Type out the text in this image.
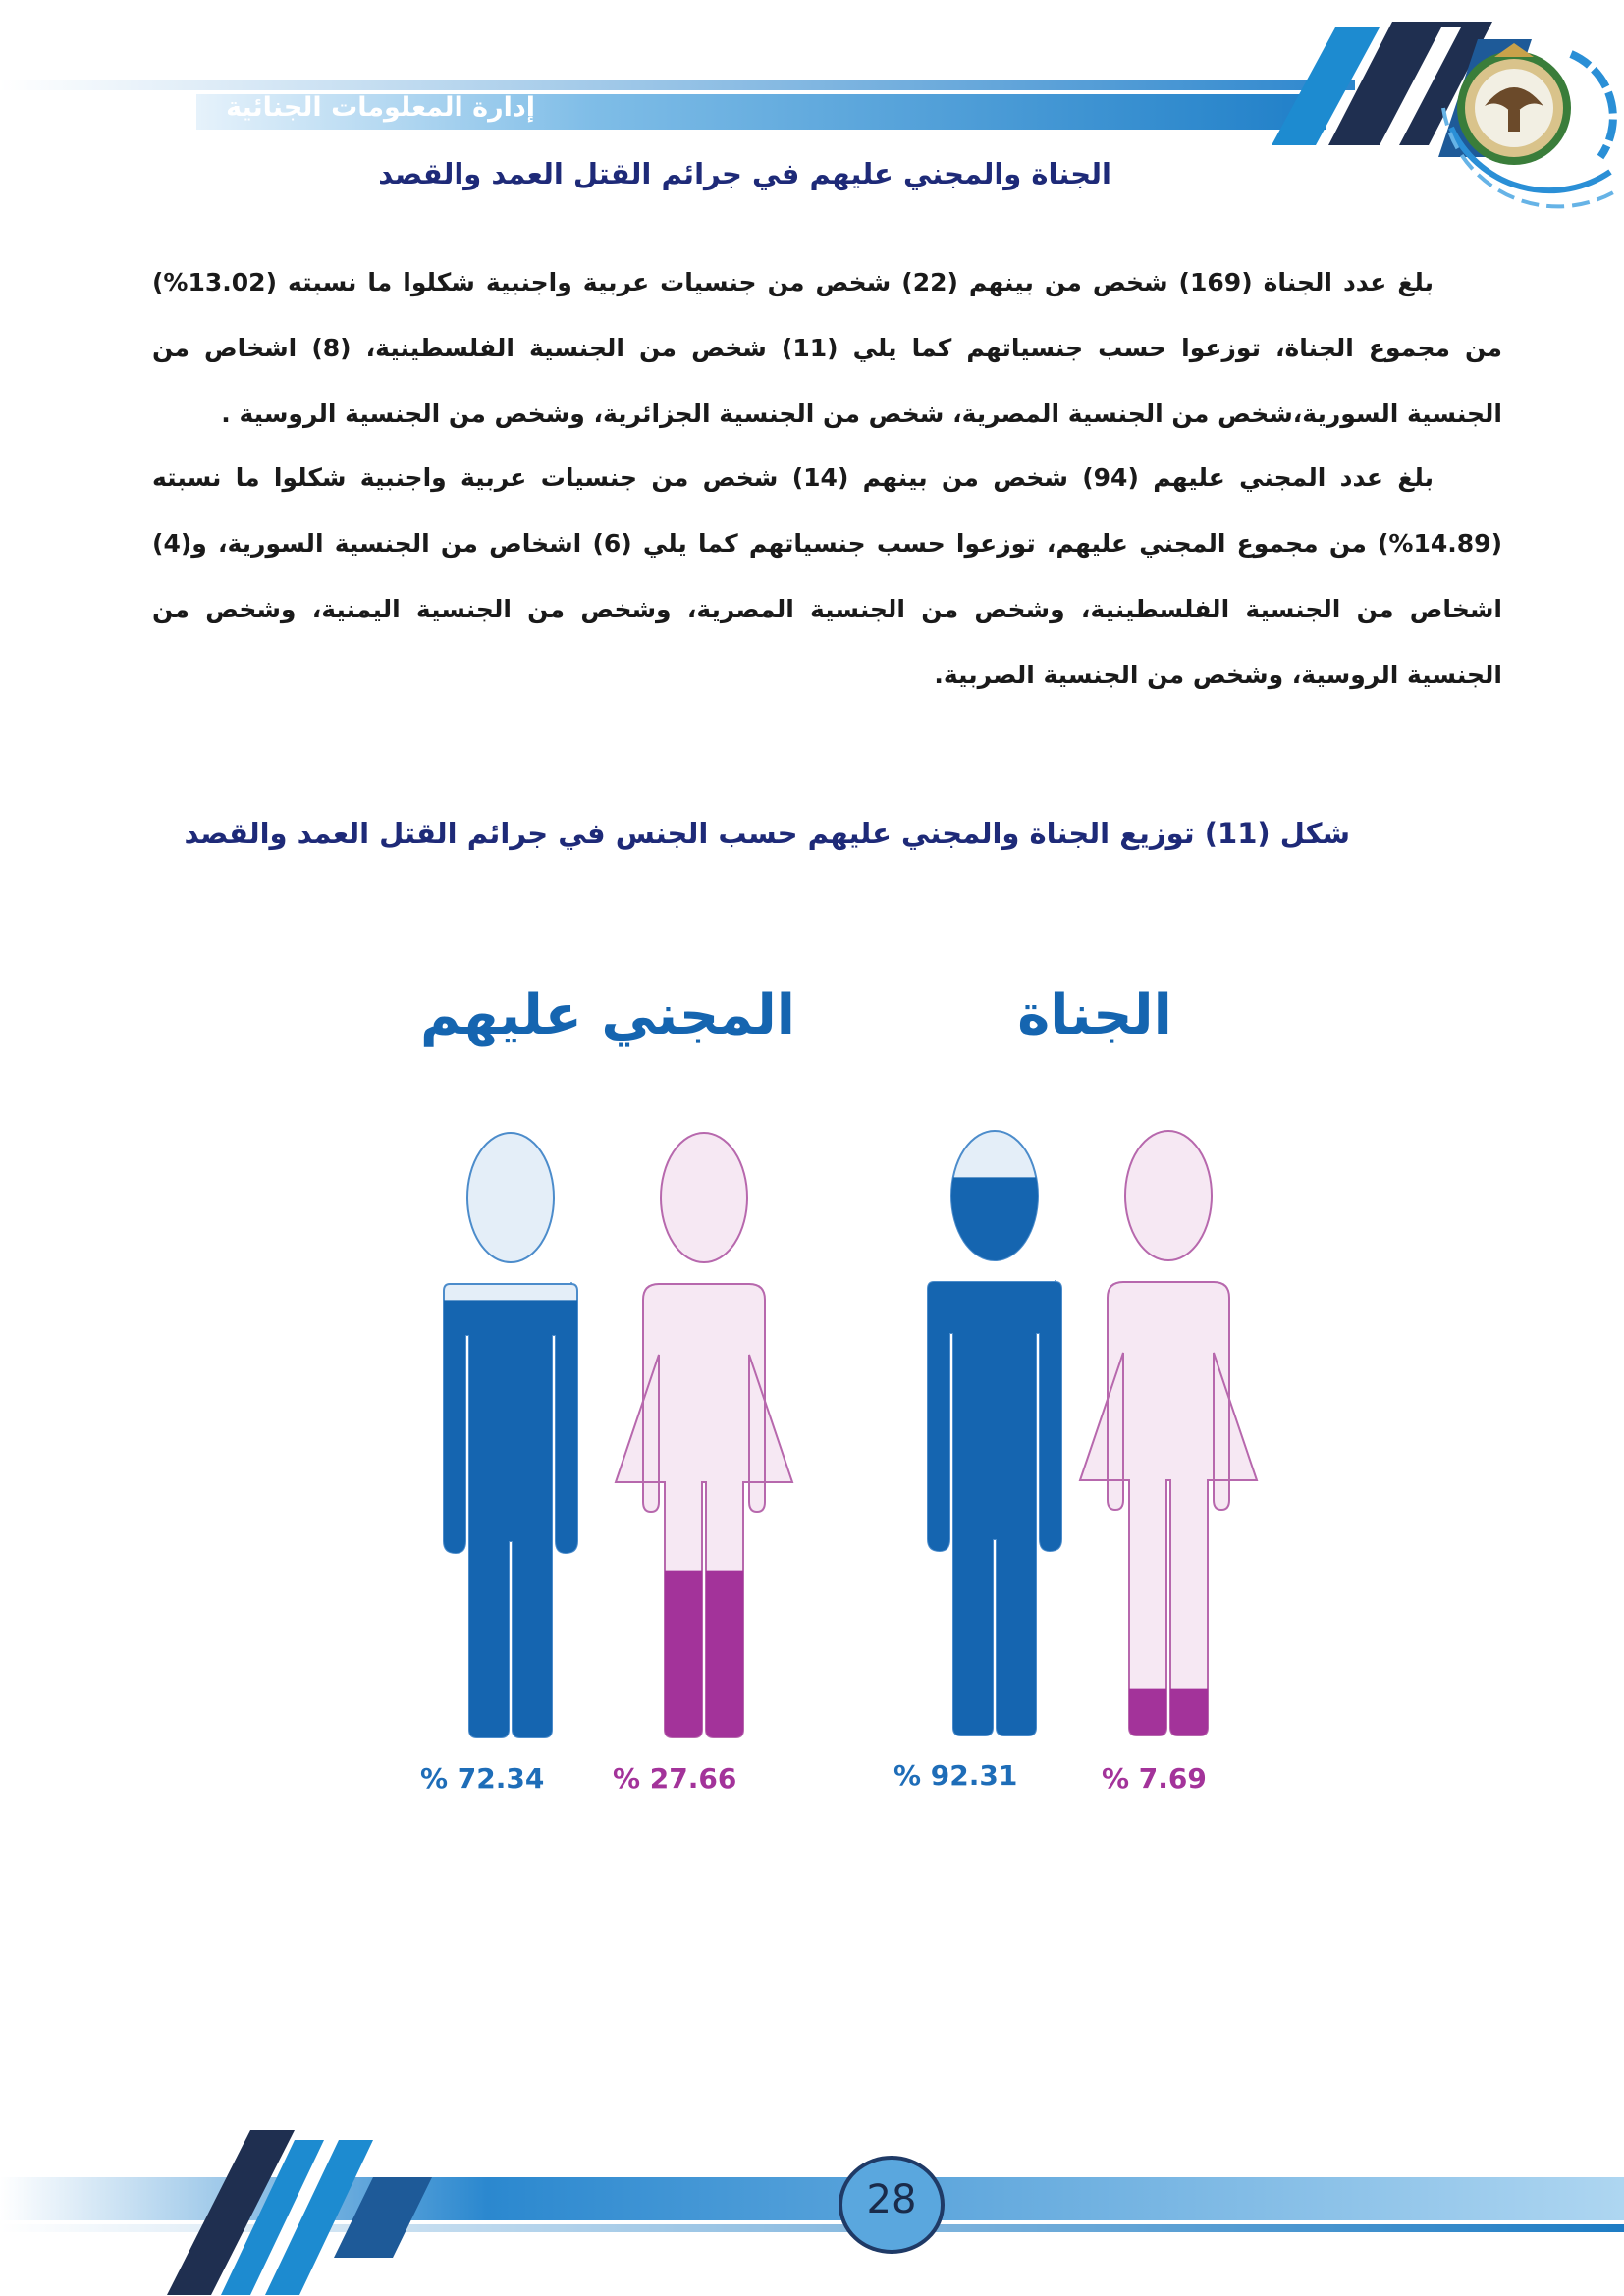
إدارة المعلومات الجنائية
الجناة والمجني عليهم في جرائم القتل العمد والقصد
بلغ عدد الجناة (169) شخص من بينهم (22) شخص من جنسيات عربية واجنبية شكلوا ما نسبته (13.02%) من مجموع الجناة، توزعوا حسب جنسياتهم كما يلي (11) شخص من الجنسية الفلسطينية، (8) اشخاص من الجنسية السورية،شخص من الجنسية المصرية، شخص من الجنسية الجزائرية، وشخص من الجنسية الروسية .
بلغ عدد المجني عليهم (94) شخص من بينهم (14) شخص من جنسيات عربية واجنبية شكلوا ما نسبته (14.89%) من مجموع المجني عليهم، توزعوا حسب جنسياتهم كما يلي (6) اشخاص من الجنسية السورية، و(4) اشخاص من الجنسية الفلسطينية، وشخص من الجنسية المصرية، وشخص من الجنسية اليمنية، وشخص من الجنسية الروسية، وشخص من الجنسية الصربية.
شكل (11) توزيع الجناة والمجني عليهم حسب الجنس في جرائم القتل العمد والقصد
المجني عليهم	الجناة
% 72.34 % 27.66	% 92.31	% 7.69
28
